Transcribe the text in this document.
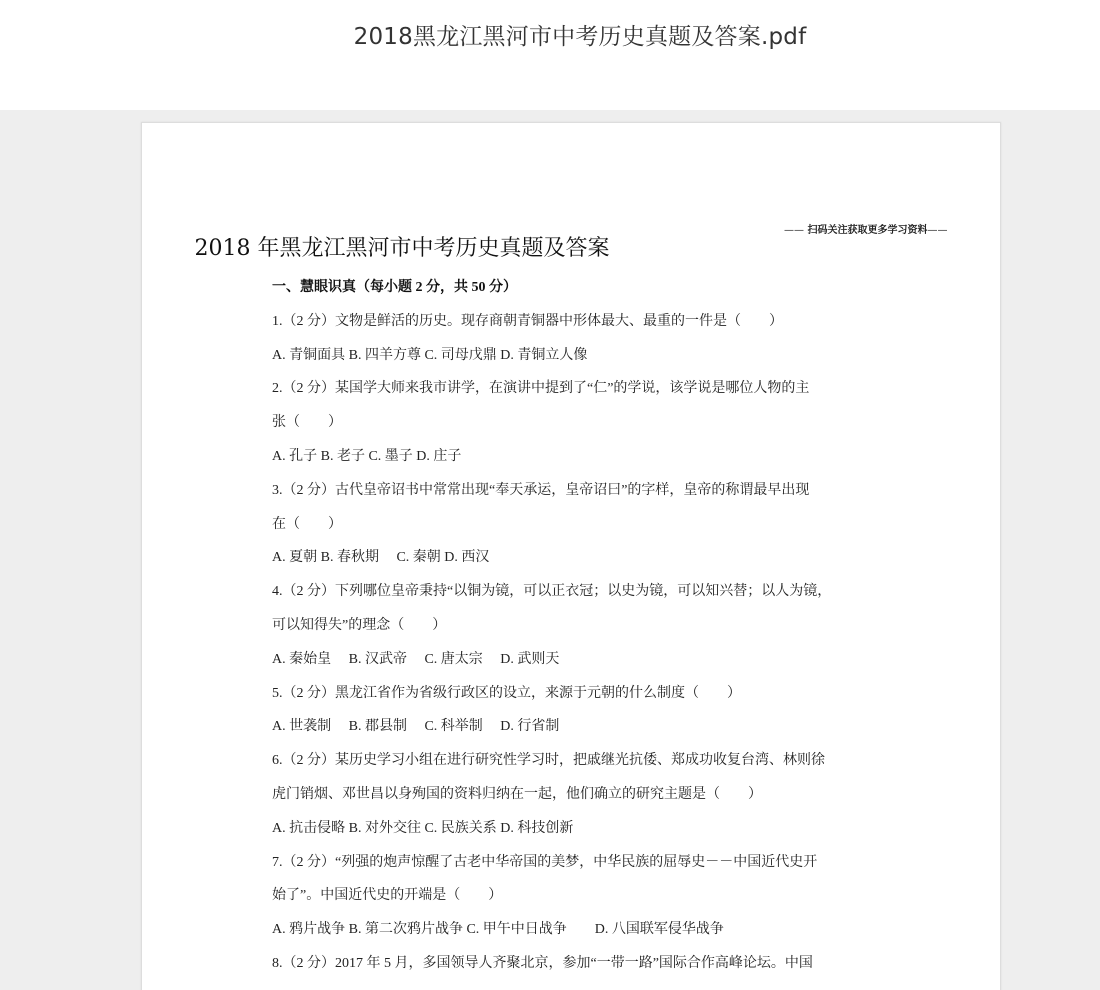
2018黑龙江黑河市中考历史真题及答案.pdf
—— 扫码关注获取更多学习资料——
2018 年黑龙江黑河市中考历史真题及答案
一、慧眼识真（每小题 2 分，共 50 分）
1.（2 分）文物是鲜活的历史。现存商朝青铜器中形体最大、最重的一件是（　　）
A. 青铜面具 B. 四羊方尊 C. 司母戊鼎 D. 青铜立人像
2.（2 分）某国学大师来我市讲学，在演讲中提到了“仁”的学说，该学说是哪位人物的主
张（　　）
A. 孔子 B. 老子 C. 墨子 D. 庄子
3.（2 分）古代皇帝诏书中常常出现“奉天承运，皇帝诏曰”的字样，皇帝的称谓最早出现
在（　　）
A. 夏朝 B. 春秋期　 C. 秦朝 D. 西汉
4.（2 分）下列哪位皇帝秉持“以铜为镜，可以正衣冠；以史为镜，可以知兴替；以人为镜，
可以知得失”的理念（　　）
A. 秦始皇　 B. 汉武帝　 C. 唐太宗　 D. 武则天
5.（2 分）黑龙江省作为省级行政区的设立，来源于元朝的什么制度（　　）
A. 世袭制　 B. 郡县制　 C. 科举制　 D. 行省制
6.（2 分）某历史学习小组在进行研究性学习时，把戚继光抗倭、郑成功收复台湾、林则徐
虎门销烟、邓世昌以身殉国的资料归纳在一起，他们确立的研究主题是（　　）
A. 抗击侵略 B. 对外交往 C. 民族关系 D. 科技创新
7.（2 分）“列强的炮声惊醒了古老中华帝国的美梦，中华民族的屈辱史－－中国近代史开
始了”。中国近代史的开端是（　　）
A. 鸦片战争 B. 第二次鸦片战争 C. 甲午中日战争　　D. 八国联军侵华战争
8.（2 分）2017 年 5 月，多国领导人齐聚北京，参加“一带一路”国际合作高峰论坛。中国
